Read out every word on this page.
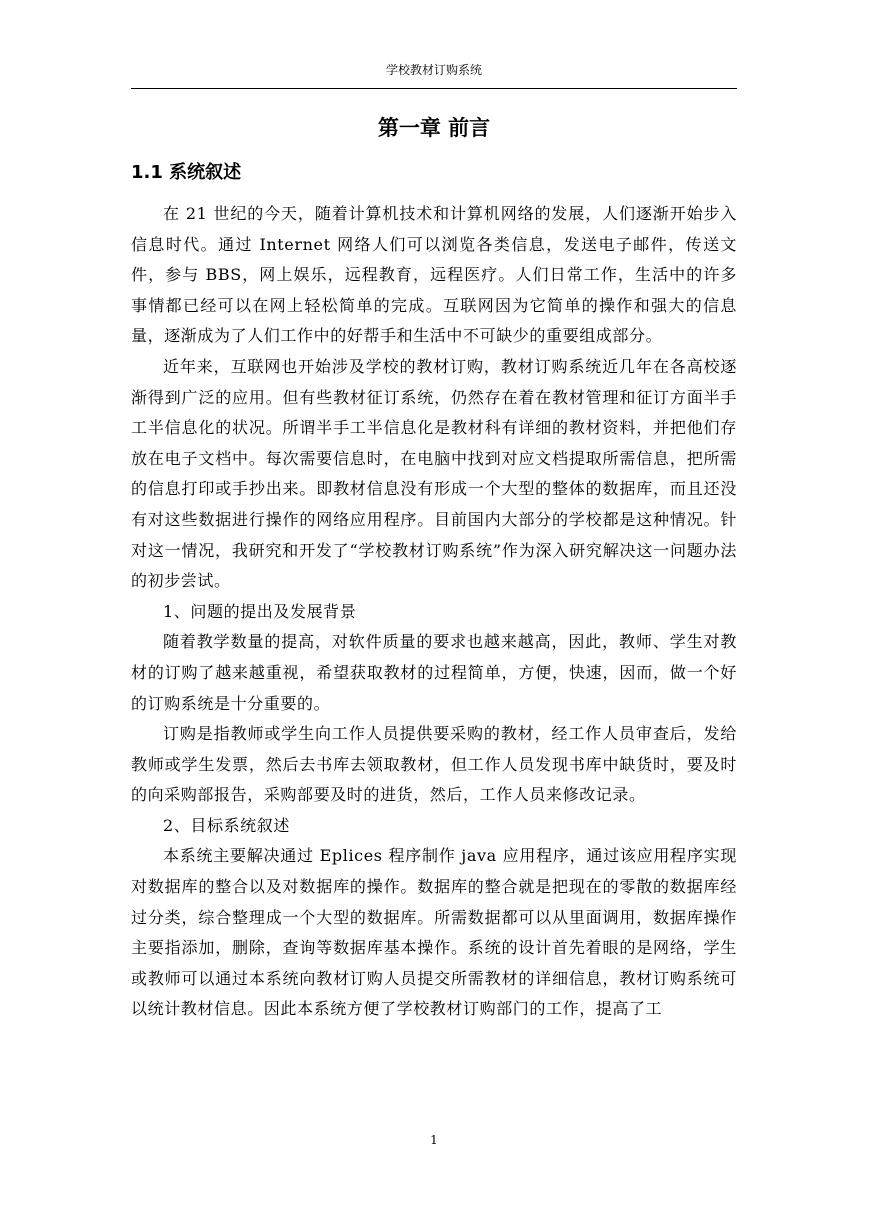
学校教材订购系统
第一章 前言
1.1 系统叙述

在 21 世纪的今天，随着计算机技术和计算机网络的发展，人们逐渐开始步入信息时代。通过 Internet 网络人们可以浏览各类信息，发送电子邮件，传送文件，参与 BBS，网上娱乐，远程教育，远程医疗。人们日常工作，生活中的许多事情都已经可以在网上轻松简单的完成。互联网因为它简单的操作和强大的信息量，逐渐成为了人们工作中的好帮手和生活中不可缺少的重要组成部分。

近年来，互联网也开始涉及学校的教材订购，教材订购系统近几年在各高校逐渐得到广泛的应用。但有些教材征订系统，仍然存在着在教材管理和征订方面半手工半信息化的状况。所谓半手工半信息化是教材科有详细的教材资料，并把他们存放在电子文档中。每次需要信息时，在电脑中找到对应文档提取所需信息，把所需的信息打印或手抄出来。即教材信息没有形成一个大型的整体的数据库，而且还没有对这些数据进行操作的网络应用程序。目前国内大部分的学校都是这种情况。针对这一情况，我研究和开发了“学校教材订购系统”作为深入研究解决这一问题办法的初步尝试。

1、问题的提出及发展背景

随着教学数量的提高，对软件质量的要求也越来越高，因此，教师、学生对教材的订购了越来越重视，希望获取教材的过程简单，方便，快速，因而，做一个好的订购系统是十分重要的。

订购是指教师或学生向工作人员提供要采购的教材，经工作人员审查后，发给教师或学生发票，然后去书库去领取教材，但工作人员发现书库中缺货时，要及时的向采购部报告，采购部要及时的进货，然后，工作人员来修改记录。

2、目标系统叙述

本系统主要解决通过 Eplices 程序制作 java 应用程序，通过该应用程序实现对数据库的整合以及对数据库的操作。数据库的整合就是把现在的零散的数据库经过分类，综合整理成一个大型的数据库。所需数据都可以从里面调用，数据库操作主要指添加，删除，查询等数据库基本操作。系统的设计首先着眼的是网络，学生或教师可以通过本系统向教材订购人员提交所需教材的详细信息，教材订购系统可以统计教材信息。因此本系统方便了学校教材订购部门的工作，提高了工

1
